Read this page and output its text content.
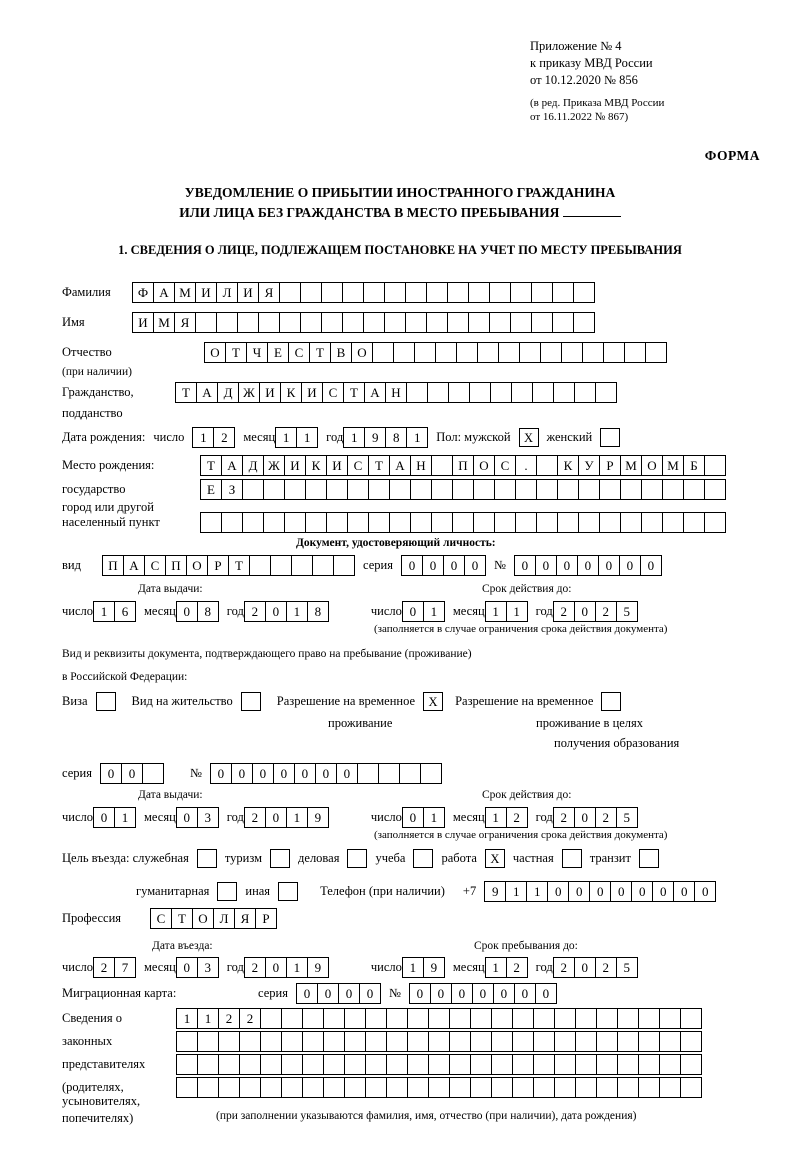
Приложение № 4
к приказу МВД России
от 10.12.2020 № 856
(в ред. Приказа МВД России
от 16.11.2022 № 867)
ФОРМА
УВЕДОМЛЕНИЕ О ПРИБЫТИИ ИНОСТРАННОГО ГРАЖДАНИНА
ИЛИ ЛИЦА БЕЗ ГРАЖДАНСТВА В МЕСТО ПРЕБЫВАНИЯ
1. СВЕДЕНИЯ О ЛИЦЕ, ПОДЛЕЖАЩЕМ ПОСТАНОВКЕ НА УЧЕТ ПО МЕСТУ ПРЕБЫВАНИЯ
Фамилия	Ф А М И Л И Я
Имя	И М Я
Отчество	О Т Ч Е С Т В О
(при наличии)
Гражданство,	Т А Д Ж И К И С Т А Н
подданство
Дата рождения: число	1	2	месяц 1	1	год 1	9	8	1	Пол: мужской	Х	женский
Место рождения:	Т А Д Ж И К И С Т А Н	П О С	.	К У Р М О М Б
государство	Е	З
город или другой
населенный пункт
Документ, удостоверяющий личность:
вид	П А С П О Р	Т	серия	0	0	0	0	№	0	0	0	0	0	0	0
Дата выдачи:	Срок действия до:
число 1	6	месяц 0	8	год 2	0	1	8	число 0	1	месяц 1	1	год 2	0	2	5
(заполняется в случае ограничения срока действия документа)
Вид и реквизиты документа, подтверждающего право на пребывание (проживание)
в Российской Федерации:
Виза	Вид на жительство	Разрешение на временное	Х	Разрешение на временное
проживание	проживание в целях
получения образования
серия	0	0	№	0	0	0	0	0	0	0
Дата выдачи:	Срок действия до:
число 0	1	месяц 0	3	год 2	0	1	9	число 0	1	месяц 1	2	год 2	0	2	5
(заполняется в случае ограничения срока действия документа)
Цель въезда: служебная	туризм	деловая	учеба	работа	Х	частная	транзит
гуманитарная	иная	Телефон (при наличии) +7	9	1	1	0	0	0	0	0	0	0	0
Профессия	С Т О Л Я	Р
Дата въезда:	Срок пребывания до:
число 2	7	месяц 0	3	год 2	0	1	9	число 1	9	месяц 1	2	год 2	0	2	5
Миграционная карта:	серия	0	0	0	0	№	0	0	0	0	0	0	0
Сведения о	1	1	2	2
законных
представителях
(родителях,
усыновителях,
попечителях)	(при заполнении указываются фамилия, имя, отчество (при наличии), дата рождения)
